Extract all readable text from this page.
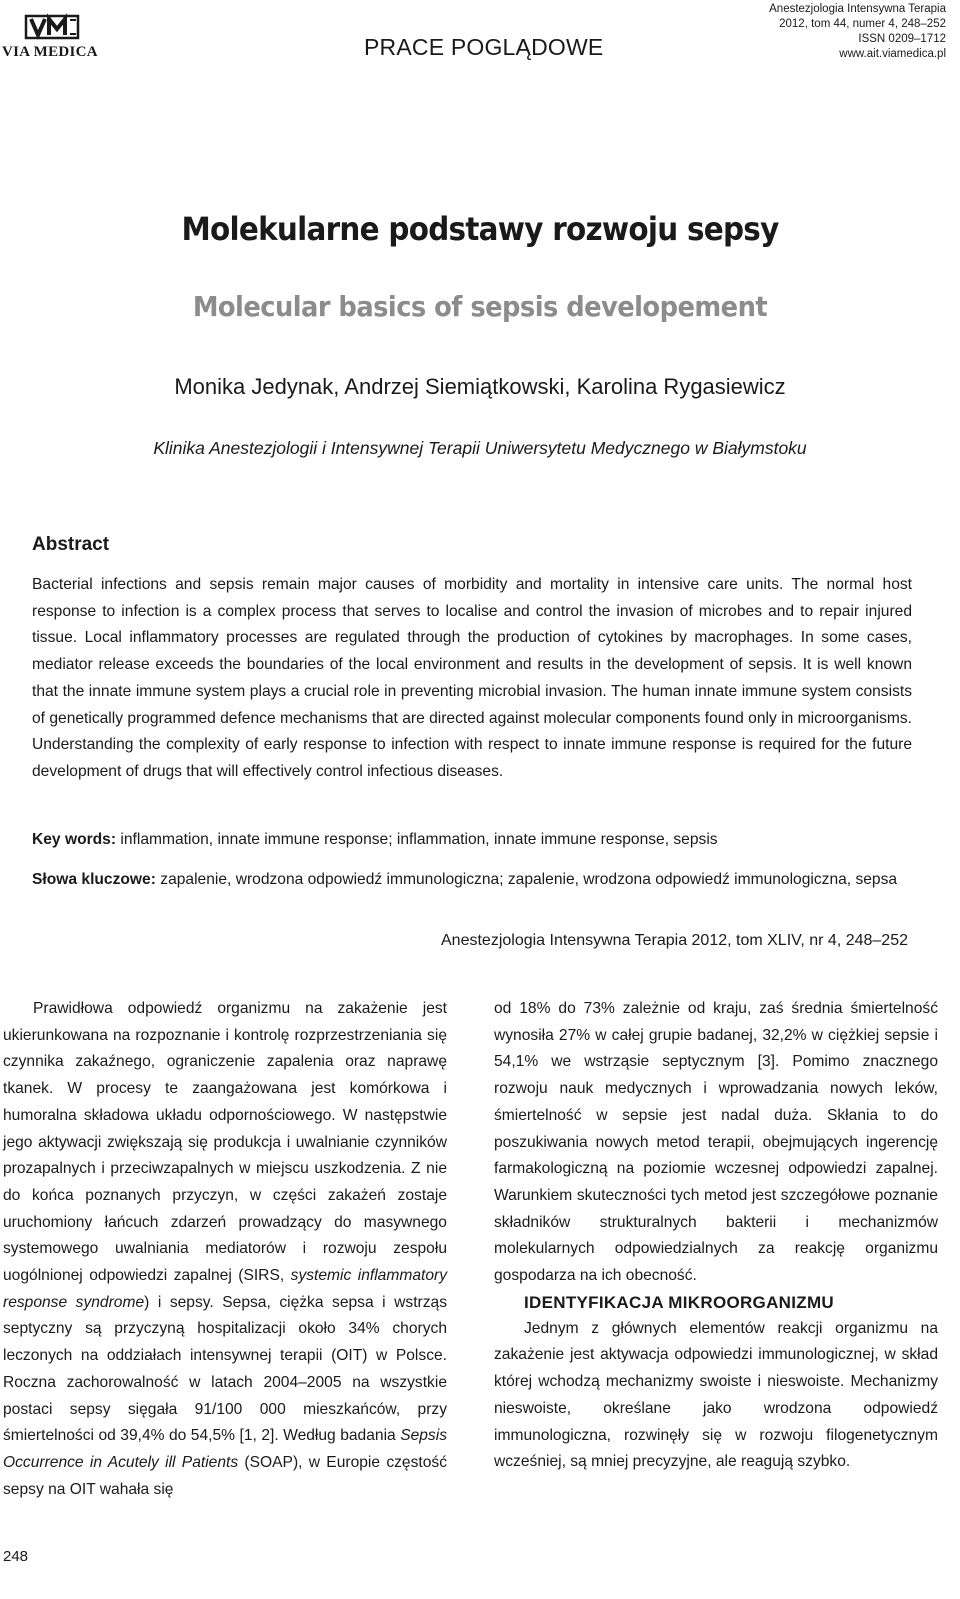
VIA MEDICA	PRACE POGLĄDOWE
Anestezjologia Intensywna Terapia
2012, tom 44, numer 4, 248–252
ISSN 0209–1712
www.ait.viamedica.pl
Molekularne podstawy rozwoju sepsy
Molecular basics of sepsis developement
Monika Jedynak, Andrzej Siemiątkowski, Karolina Rygasiewicz
Klinika Anestezjologii i Intensywnej Terapii Uniwersytetu Medycznego w Białymstoku
Abstract
Bacterial infections and sepsis remain major causes of morbidity and mortality in intensive care units. The normal host response to infection is a complex process that serves to localise and control the invasion of microbes and to repair injured tissue. Local inflammatory processes are regulated through the production of cytokines by macrophages. In some cases, mediator release exceeds the boundaries of the local environment and results in the development of sepsis. It is well known that the innate immune system plays a crucial role in preventing microbial invasion. The human innate immune system consists of genetically programmed defence mechanisms that are directed against molecular components found only in microorganisms. Understanding the complexity of early response to infection with respect to innate immune response is required for the future development of drugs that will effectively control infectious diseases.
Key words: inflammation, innate immune response; inflammation, innate immune response, sepsis
Słowa kluczowe: zapalenie, wrodzona odpowiedź immunologiczna; zapalenie, wrodzona odpowiedź immunologiczna, sepsa
Anestezjologia Intensywna Terapia 2012, tom XLIV, nr 4, 248–252

Prawidłowa odpowiedź organizmu na zakażenie jest ukierunkowana na rozpoznanie i kontrolę rozprzestrzeniania się czynnika zakaźnego, ograniczenie zapalenia oraz naprawę tkanek. W procesy te zaangażowana jest komórkowa i humoralna składowa układu odpornościowego. W następstwie jego aktywacji zwiększają się produkcja i uwalnianie czynników prozapalnych i przeciwzapalnych w miejscu uszkodzenia. Z nie do końca poznanych przyczyn, w części zakażeń zostaje uruchomiony łańcuch zdarzeń prowadzący do masywnego systemowego uwalniania mediatorów i rozwoju zespołu uogólnionej odpowiedzi zapalnej (SIRS, systemic inflammatory response syndrome) i sepsy. Sepsa, ciężka sepsa i wstrząs septyczny są przyczyną hospitalizacji około 34% chorych leczonych na oddziałach intensywnej terapii (OIT) w Polsce. Roczna zachorowalność w latach 2004–2005 na wszystkie postaci sepsy sięgała 91/100 000 mieszkańców, przy śmiertelności od 39,4% do 54,5% [1, 2]. Według badania Sepsis Occurrence in Acutely ill Patients (SOAP), w Europie częstość sepsy na OIT wahała się

od 18% do 73% zależnie od kraju, zaś średnia śmiertelność wynosiła 27% w całej grupie badanej, 32,2% w ciężkiej sepsie i 54,1% we wstrząsie septycznym [3]. Pomimo znacznego rozwoju nauk medycznych i wprowadzania nowych leków, śmiertelność w sepsie jest nadal duża. Skłania to do poszukiwania nowych metod terapii, obejmujących ingerencję farmakologiczną na poziomie wczesnej odpowiedzi zapalnej. Warunkiem skuteczności tych metod jest szczegółowe poznanie składników strukturalnych bakterii i mechanizmów molekularnych odpowiedzialnych za reakcję organizmu gospodarza na ich obecność.

IDENTYFIKACJA MIKROORGANIZMU

Jednym z głównych elementów reakcji organizmu na zakażenie jest aktywacja odpowiedzi immunologicznej, w skład której wchodzą mechanizmy swoiste i nieswoiste. Mechanizmy nieswoiste, określane jako wrodzona odpowiedź immunologiczna, rozwinęły się w rozwoju filogenetycznym wcześniej, są mniej precyzyjne, ale reagują szybko.

248
